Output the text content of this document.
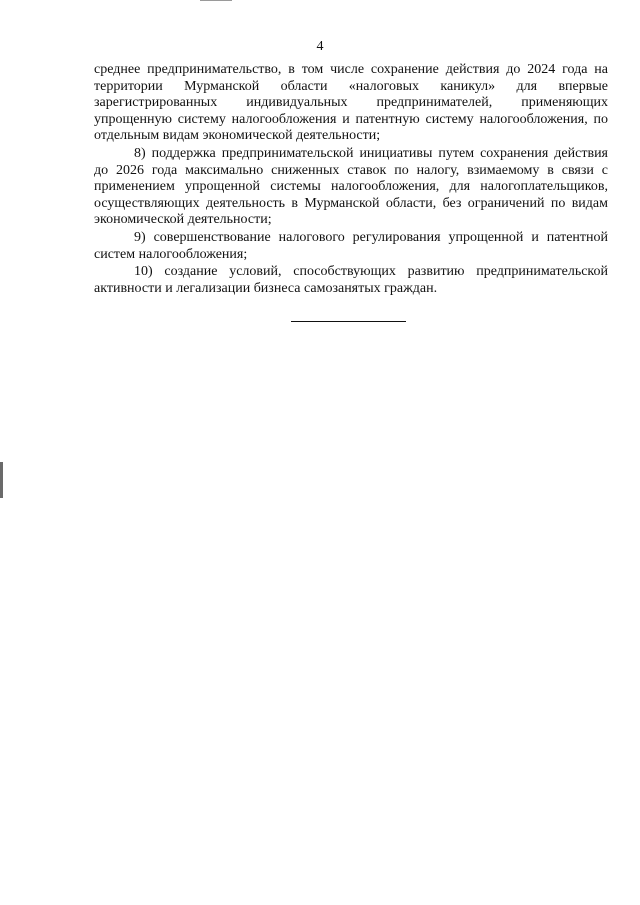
4

среднее предпринимательство, в том числе сохранение действия до 2024 года на территории Мурманской области «налоговых каникул» для впервые зарегистрированных индивидуальных предпринимателей, применяющих упрощенную систему налогообложения и патентную систему налогообложения, по отдельным видам экономической деятельности;

8) поддержка предпринимательской инициативы путем сохранения действия до 2026 года максимально сниженных ставок по налогу, взимаемому в связи с применением упрощенной системы налогообложения, для налогоплательщиков, осуществляющих деятельность в Мурманской области, без ограничений по видам экономической деятельности;

9) совершенствование налогового регулирования упрощенной и патентной систем налогообложения;

10) создание условий, способствующих развитию предпринимательской активности и легализации бизнеса самозанятых граждан.
